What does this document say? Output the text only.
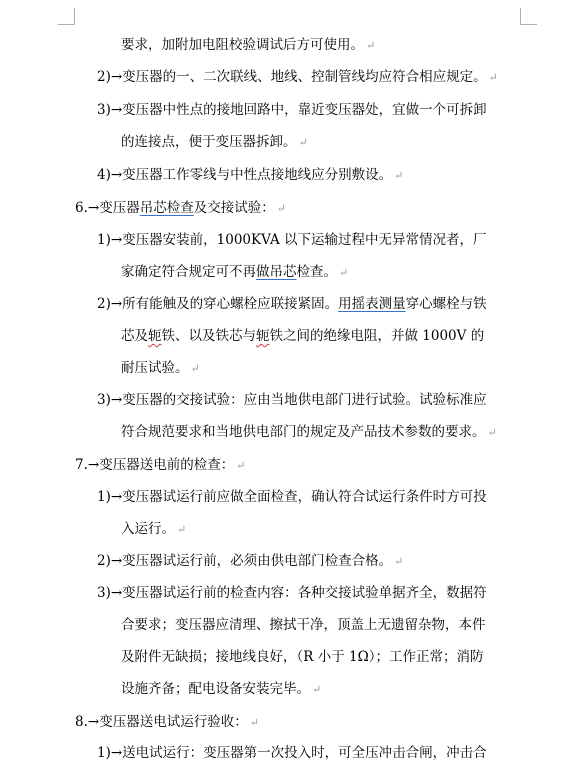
要求，加附加电阻校验调试后方可使用。 ↵
2)→变压器的一、二次联线、地线、控制管线均应符合相应规定。 ↵
3)→变压器中性点的接地回路中，靠近变压器处，宜做一个可拆卸
的连接点，便于变压器拆卸。 ↵
4)→变压器工作零线与中性点接地线应分别敷设。 ↵
6.→变压器吊芯检查及交接试验： ↵
1)→变压器安装前，1000KVA 以下运输过程中无异常情况者，厂
家确定符合规定可不再做吊芯检查。 ↵
2)→所有能触及的穿心螺栓应联接紧固。用摇表测量穿心螺栓与铁
芯及轭铁、以及铁芯与轭铁之间的绝缘电阻，并做 1000V 的
耐压试验。 ↵
3)→变压器的交接试验：应由当地供电部门进行试验。试验标准应
符合规范要求和当地供电部门的规定及产品技术参数的要求。 ↵
7.→变压器送电前的检查： ↵
1)→变压器试运行前应做全面检查，确认符合试运行条件时方可投
入运行。 ↵
2)→变压器试运行前，必须由供电部门检查合格。 ↵
3)→变压器试运行前的检查内容：各种交接试验单据齐全，数据符
合要求；变压器应清理、擦拭干净，顶盖上无遗留杂物，本件
及附件无缺损；接地线良好，（R 小于 1Ω）；工作正常；消防
设施齐备；配电设备安装完毕。 ↵
8.→变压器送电试运行验收： ↵
1)→送电试运行：变压器第一次投入时，可全压冲击合闸，冲击合
